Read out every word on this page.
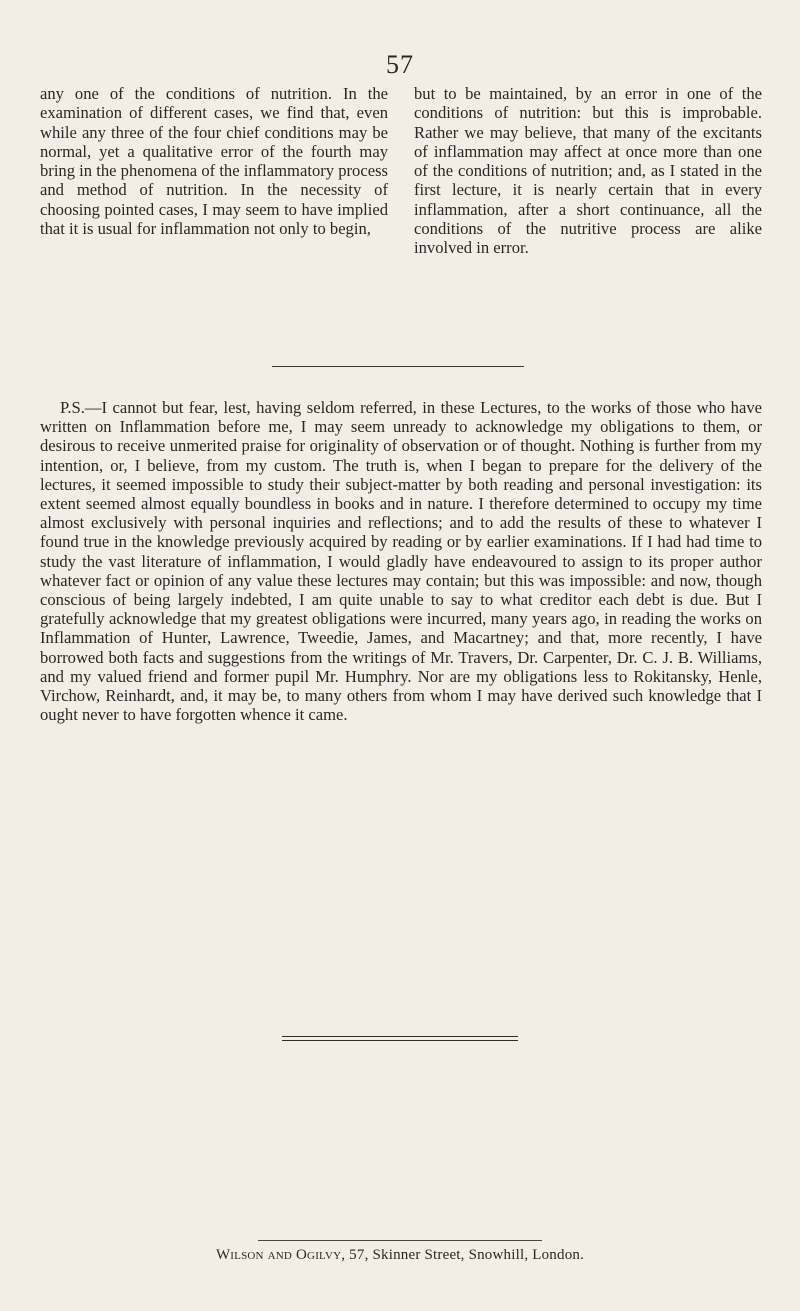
57

any one of the conditions of nutrition. In the examination of different cases, we find that, even while any three of the four chief conditions may be normal, yet a qualitative error of the fourth may bring in the phenomena of the inflammatory process and method of nutrition. In the necessity of choosing pointed cases, I may seem to have implied that it is usual for inflammation not only to begin,

but to be maintained, by an error in one of the conditions of nutrition: but this is improbable. Rather we may believe, that many of the excitants of inflammation may affect at once more than one of the conditions of nutrition; and, as I stated in the first lecture, it is nearly certain that in every inflammation, after a short continuance, all the conditions of the nutritive process are alike involved in error.

P.S.—I cannot but fear, lest, having seldom referred, in these Lectures, to the works of those who have written on Inflammation before me, I may seem unready to acknowledge my obligations to them, or desirous to receive unmerited praise for originality of observation or of thought. Nothing is further from my intention, or, I believe, from my custom. The truth is, when I began to prepare for the delivery of the lectures, it seemed impossible to study their subject-matter by both reading and personal investigation: its extent seemed almost equally boundless in books and in nature. I therefore determined to occupy my time almost exclusively with personal inquiries and reflections; and to add the results of these to whatever I found true in the knowledge previously acquired by reading or by earlier examinations. If I had had time to study the vast literature of inflammation, I would gladly have endeavoured to assign to its proper author whatever fact or opinion of any value these lectures may contain; but this was impossible: and now, though conscious of being largely indebted, I am quite unable to say to what creditor each debt is due. But I gratefully acknowledge that my greatest obligations were incurred, many years ago, in reading the works on Inflammation of Hunter, Lawrence, Tweedie, James, and Macartney; and that, more recently, I have borrowed both facts and suggestions from the writings of Mr. Travers, Dr. Carpenter, Dr. C. J. B. Williams, and my valued friend and former pupil Mr. Humphry. Nor are my obligations less to Rokitansky, Henle, Virchow, Reinhardt, and, it may be, to many others from whom I may have derived such knowledge that I ought never to have forgotten whence it came.

Wilson and Ogilvy, 57, Skinner Street, Snowhill, London.
